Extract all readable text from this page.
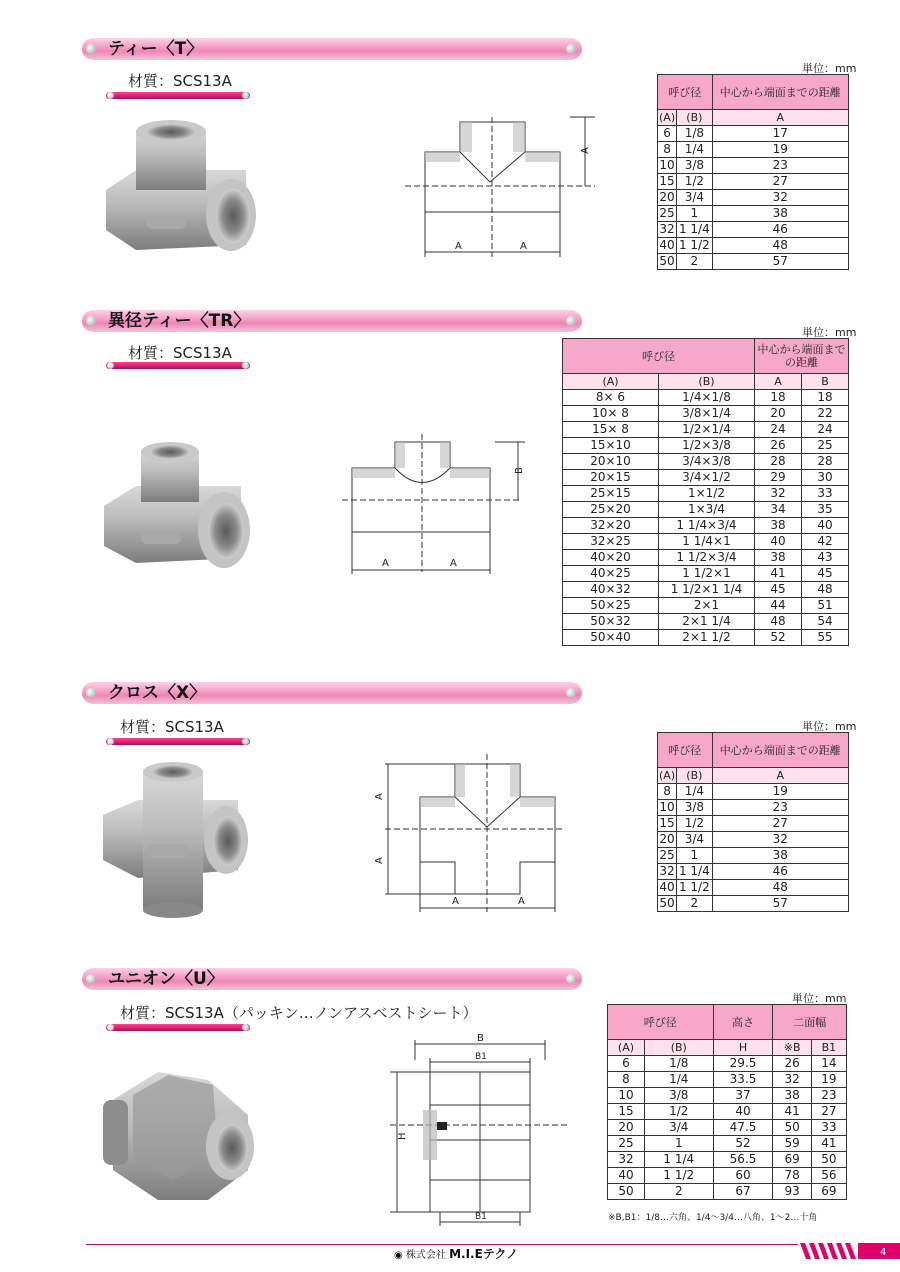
ティー〈T〉
材質：SCS13A
A	A
A
単位：mm
呼び径		中心から端面までの距離
(A)	(B)	A
6	1/8	17
8	1/4	19
10	3/8	23
15	1/2	27
20	3/4	32
25	1	38
32	1 1/4	46
40	1 1/2	48
50	2	57
異径ティー〈TR〉
材質：SCS13A
A	A
B
単位：mm
呼び径		中心から端面までの距離	
(A)	(B)	A	B
8× 6	1/4×1/8	18	18
10× 8	3/8×1/4	20	22
15× 8	1/2×1/4	24	24
15×10	1/2×3/8	26	25
20×10	3/4×3/8	28	28
20×15	3/4×1/2	29	30
25×15	1×1/2	32	33
25×20	1×3/4	34	35
32×20	1 1/4×3/4	38	40
32×25	1 1/4×1	40	42
40×20	1 1/2×3/4	38	43
40×25	1 1/2×1	41	45
40×32	1 1/2×1 1/4	45	48
50×25	2×1	44	51
50×32	2×1 1/4	48	54
50×40	2×1 1/2	52	55
クロス〈X〉
材質：SCS13A
A	A
A
A
単位：mm
呼び径		中心から端面までの距離
(A)	(B)	A
8	1/4	19
10	3/8	23
15	1/2	27
20	3/4	32
25	1	38
32	1 1/4	46
40	1 1/2	48
50	2	57
ユニオン〈U〉
材質：SCS13A（パッキン…ノンアスベストシート）
B
B1
H
B1
単位：mm
呼び径		高さ	二面幅	
(A)	(B)	H	※B	B1
6	1/8	29.5	26	14
8	1/4	33.5	32	19
10	3/8	37	38	23
15	1/2	40	41	27
20	3/4	47.5	50	33
25	1	52	59	41
32	1 1/4	56.5	69	50
40	1 1/2	60	78	56
50	2	67	93	69
※B,B1：1/8…六角、1/4〜3/4…八角、1〜2…十角
◉ 株式会社 M.I.Eテクノ	4
